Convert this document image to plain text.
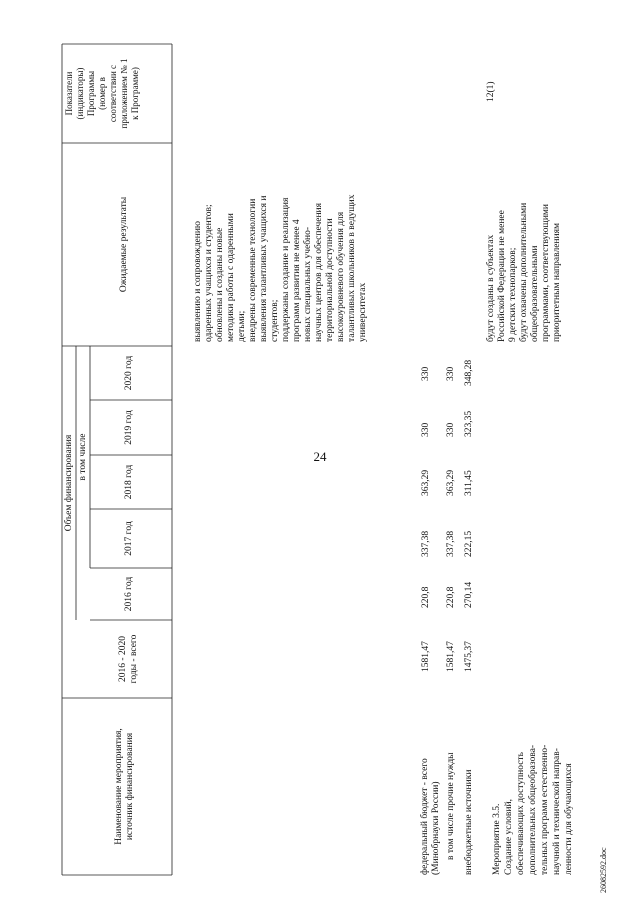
24
Наименование мероприятия,
источник финансирования
Объем финансирования
2016 - 2020
годы - всего
в том числе
2016 год
2017 год
2018 год
2019 год
2020 год
Ожидаемые результаты
Показатели
(индикаторы)
Программы
(номер в
соответствии с
приложением № 1
к Программе)
федеральный бюджет - всего
(Минобрнауки России)
1581,47
220,8
337,38
363,29
330
330
в том числе прочие нужды
1581,47
220,8
337,38
363,29
330
330
внебюджетные источники
1475,37
270,14
222,15
311,45
323,35
348,28
Мероприятие 3.5.
Создание условий,
обеспечивающих доступность
дополнительных общеобразова-
тельных программ естественно-
научной и технической направ-
ленности для обучающихся
выявлению и сопровождению
одаренных учащихся и студентов;
обновлены и созданы новые
методики работы с одаренными
детьми;
внедрены современные технологии
выявления талантливых учащихся и
студентов;
поддержаны создание и реализация
программ развития не менее 4
новых специальных учебно-
научных центров для обеспечения
территориальной доступности
высокоуровневого обучения для
талантливых школьников в ведущих
университетах	будут созданы в субъектах
Российской Федерации не менее
9 детских технопарков;
будут охвачены дополнительными
общеобразовательными
программами, соответствующими
приоритетным направлениям
12(1)
26082592.doc
